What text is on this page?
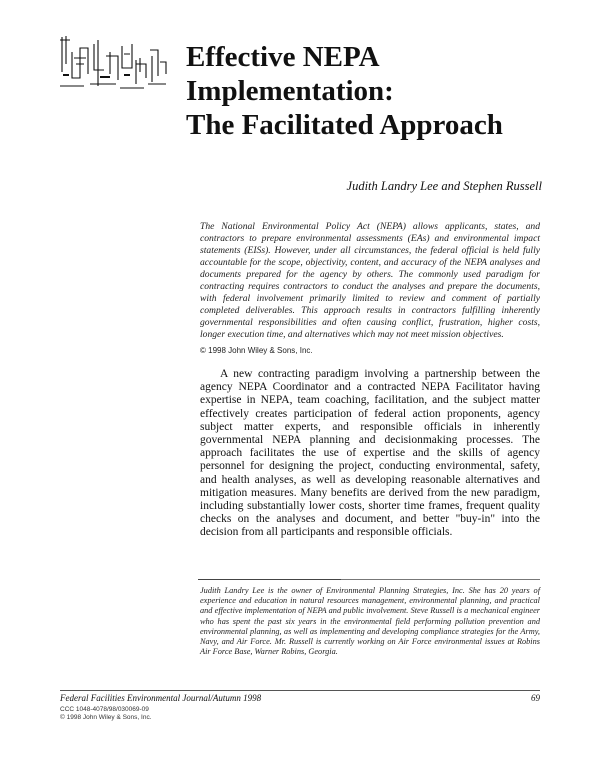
Effective NEPA
Implementation:
The Facilitated Approach
Judith Landry Lee and Stephen Russell

The National Environmental Policy Act (NEPA) allows applicants, states, and contractors to prepare environmental assessments (EAs) and environmental impact statements (EISs). However, under all circumstances, the federal official is held fully accountable for the scope, objectivity, content, and accuracy of the NEPA analyses and documents prepared for the agency by others. The commonly used paradigm for contracting requires contractors to conduct the analyses and prepare the documents, with federal involvement primarily limited to review and comment of partially completed deliverables. This approach results in contractors fulfilling inherently governmental responsibilities and often causing conflict, frustration, higher costs, longer execution time, and alternatives which may not meet mission objectives.

© 1998 John Wiley & Sons, Inc.

A new contracting paradigm involving a partnership between the agency NEPA Coordinator and a contracted NEPA Facilitator having expertise in NEPA, team coaching, facilitation, and the subject matter effectively creates participation of federal action proponents, agency subject matter experts, and responsible officials in inherently governmental NEPA planning and decisionmaking processes. The approach facilitates the use of expertise and the skills of agency personnel for designing the project, conducting environmental, safety, and health analyses, as well as developing reasonable alternatives and mitigation measures. Many benefits are derived from the new paradigm, including substantially lower costs, shorter time frames, frequent quality checks on the analyses and document, and better "buy-in" into the decision from all participants and responsible officials.

Judith Landry Lee is the owner of Environmental Planning Strategies, Inc. She has 20 years of experience and education in natural resources management, environmental planning, and practical and effective implementation of NEPA and public involvement. Steve Russell is a mechanical engineer who has spent the past six years in the environmental field performing pollution prevention and environmental planning, as well as implementing and developing compliance strategies for the Army, Navy, and Air Force. Mr. Russell is currently working on Air Force environmental issues at Robins Air Force Base, Warner Robins, Georgia.

Federal Facilities Environmental Journal/Autumn 1998	69
CCC 1048-4078/98/030069-09
© 1998 John Wiley & Sons, Inc.
